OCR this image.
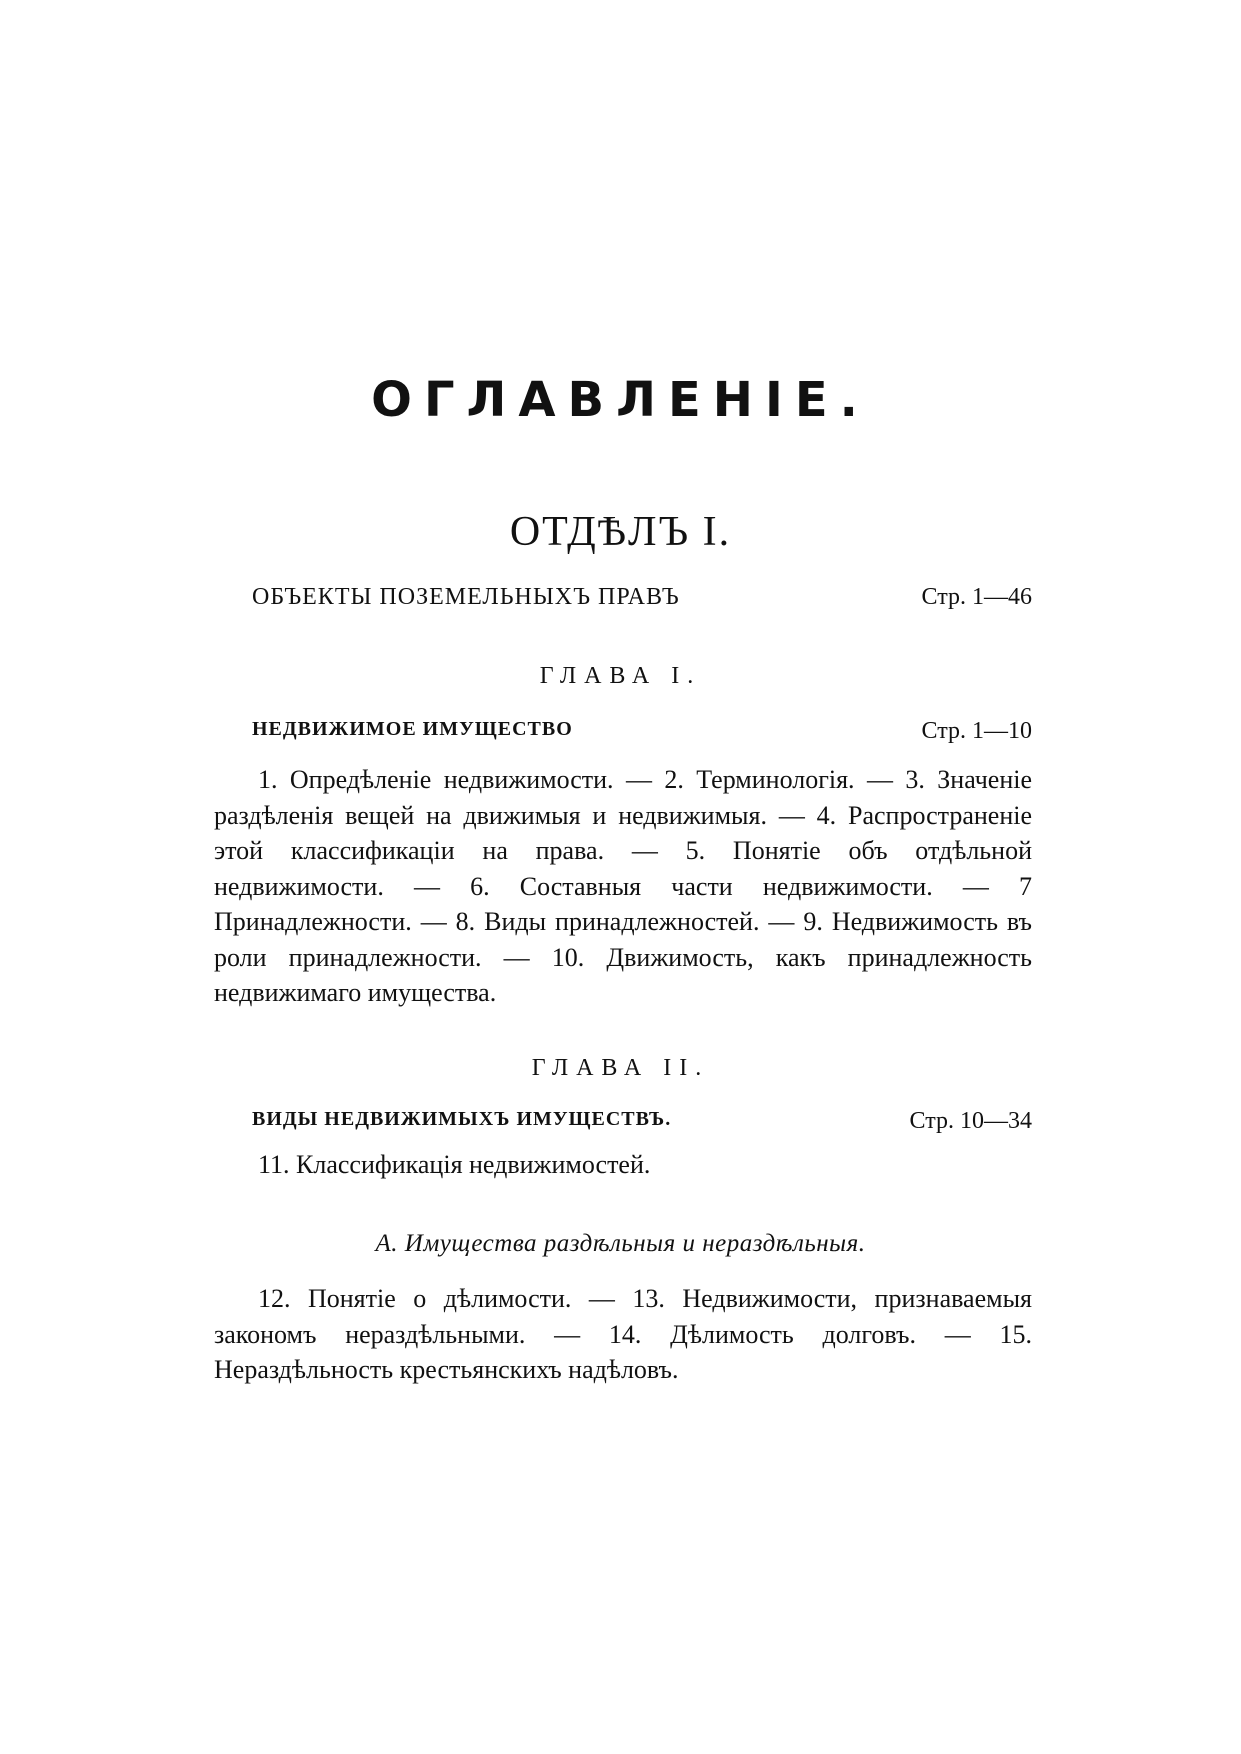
ОГЛАВЛЕНІЕ.
ОТДѢЛЪ I.
ОБЪЕКТЫ ПОЗЕМЕЛЬНЫХЪ ПРАВЪ	Стр. 1—46
ГЛАВА I.
НЕДВИЖИМОЕ ИМУЩЕСТВО	Стр. 1—10

1. Опредѣленіе недвижимости. — 2. Терминологія. — 3. Значеніе раздѣленія вещей на движимыя и недвижимыя. — 4. Распространеніе этой классификаціи на права. — 5. Понятіе объ отдѣльной недвижимости. — 6. Составныя части недвижимости. — 7 Принадлежности. — 8. Виды принадлежностей. — 9. Недвижимость въ роли принадлежности. — 10. Движимость, какъ принадлежность недвижимаго имущества.

ГЛАВА II.
ВИДЫ НЕДВИЖИМЫХЪ ИМУЩЕСТВЪ.	Стр. 10—34
11. Классификація недвижимостей.
А. Имущества раздѣльныя и нераздѣльныя.

12. Понятіе о дѣлимости. — 13. Недвижимости, признаваемыя закономъ нераздѣльными. — 14. Дѣлимость долговъ. — 15. Нераздѣльность крестьянскихъ надѣловъ.
